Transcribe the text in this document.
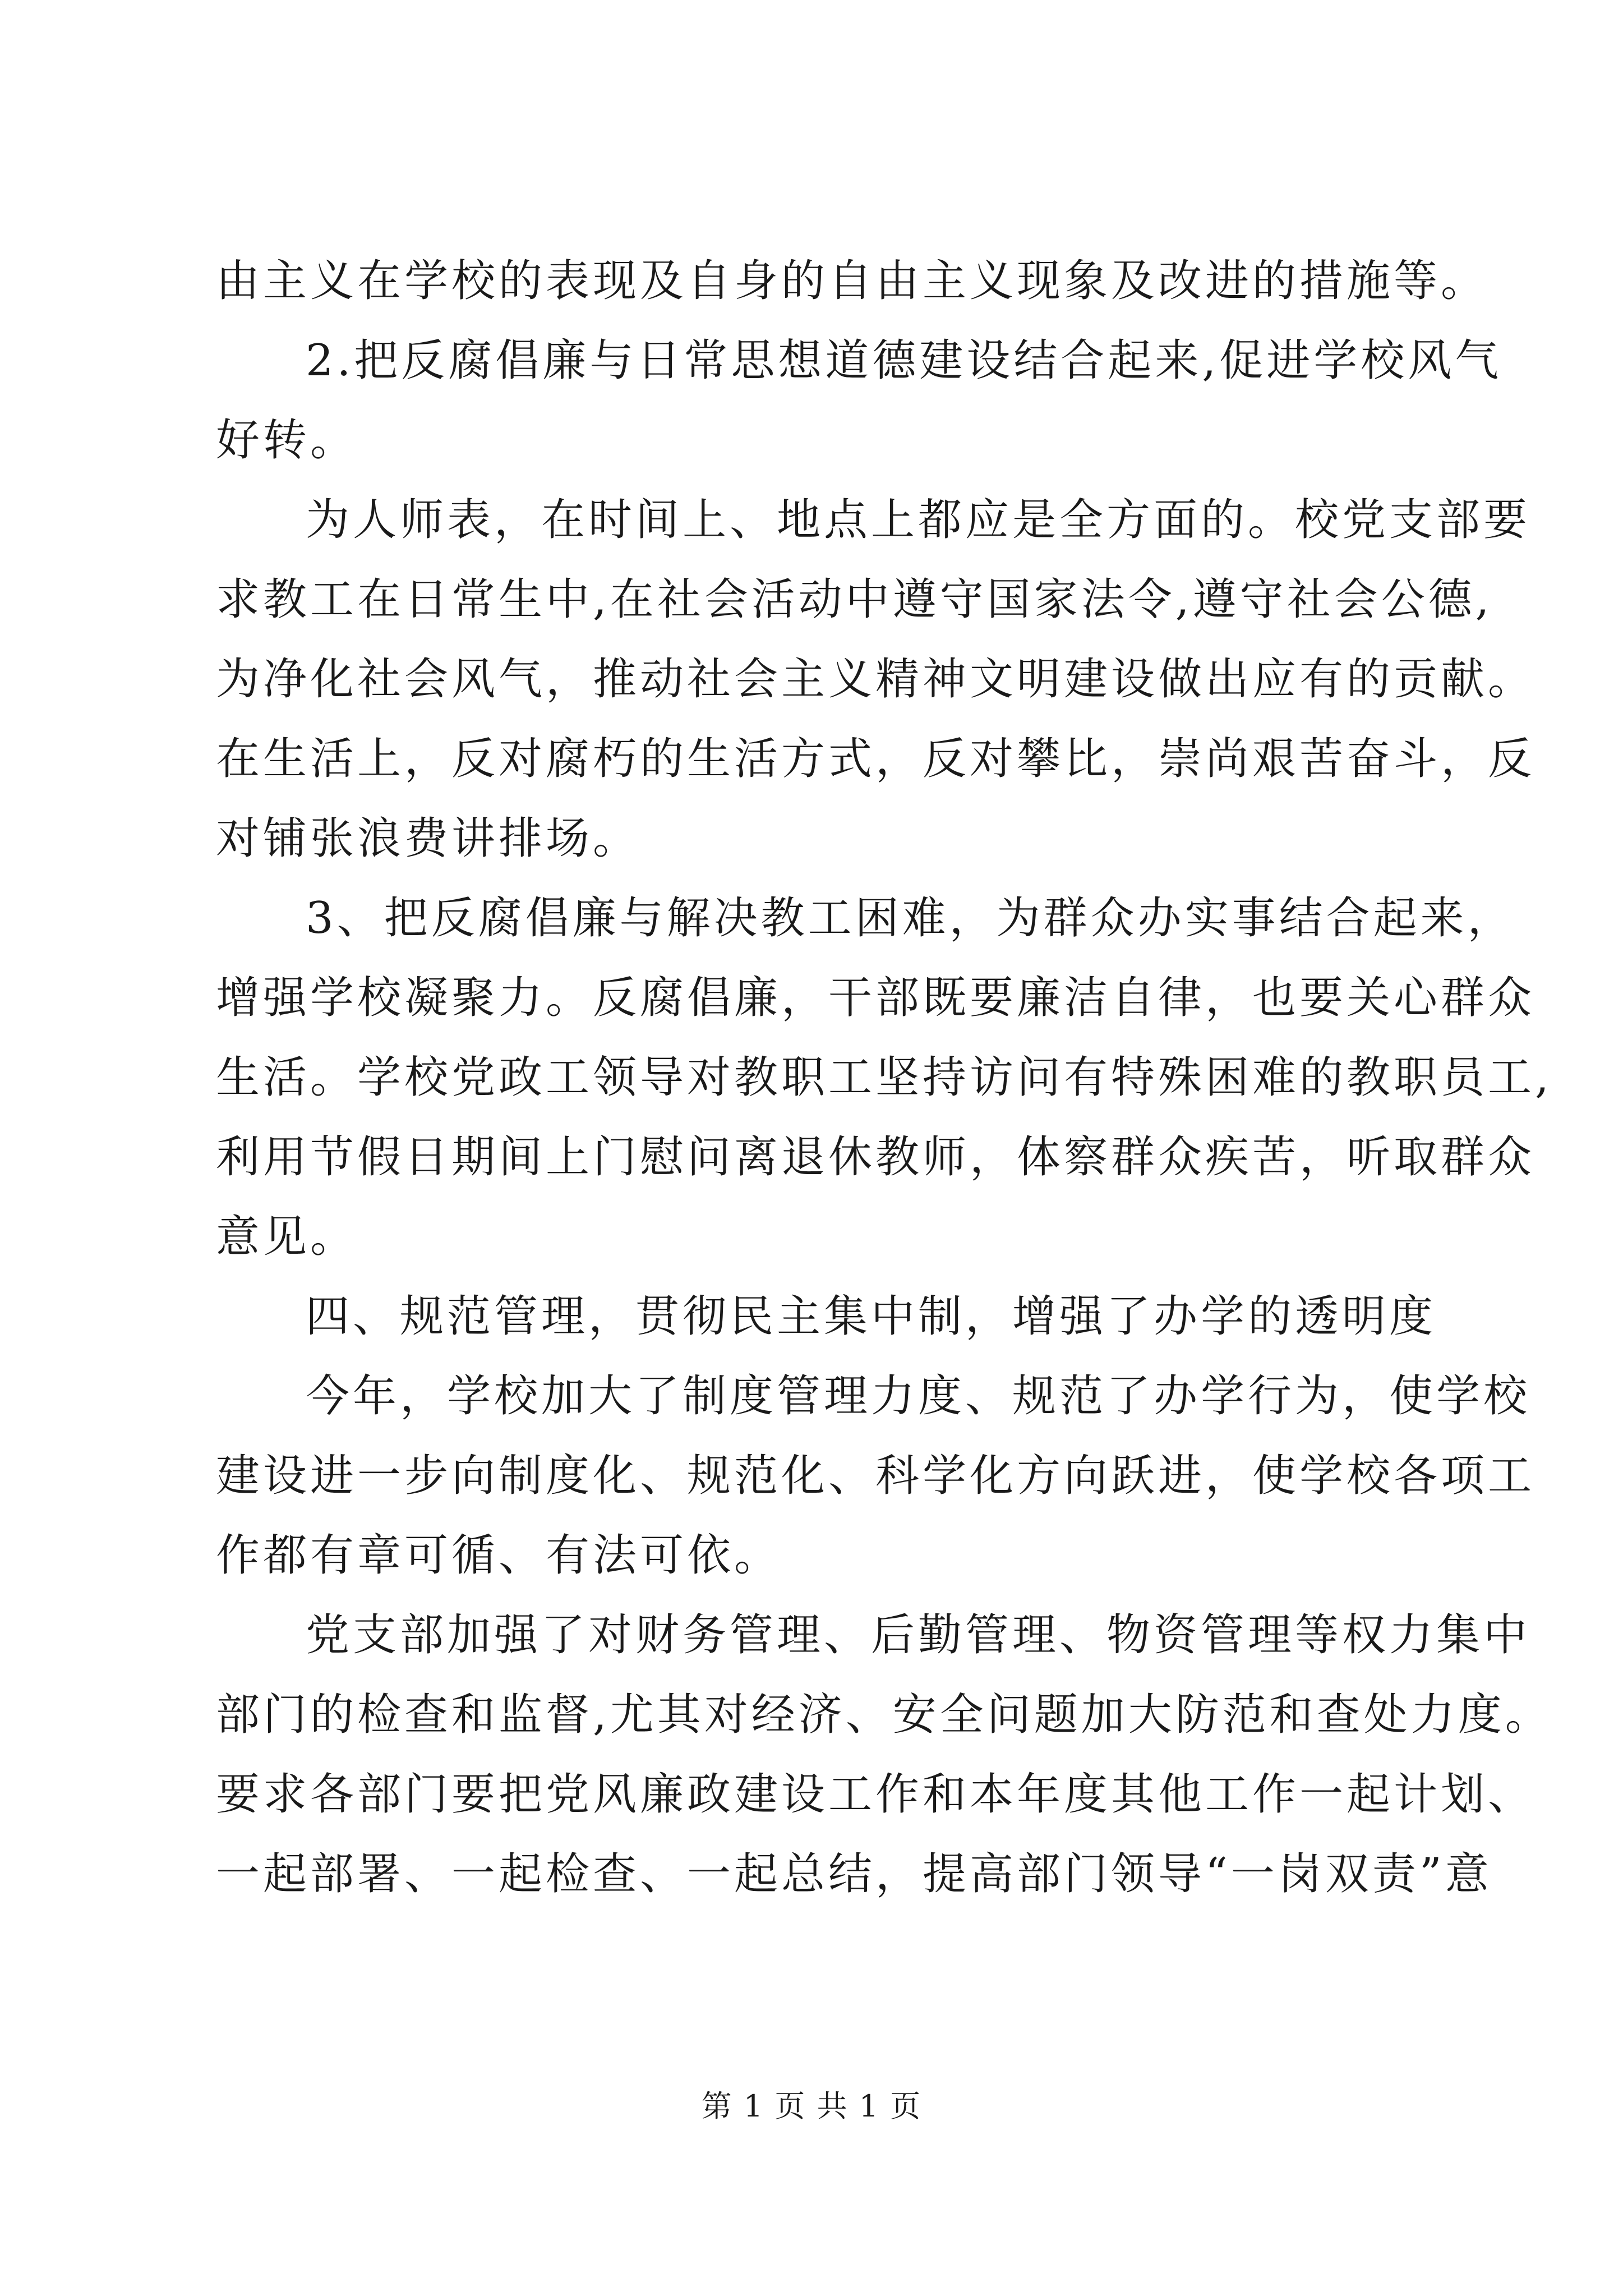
由主义在学校的表现及自身的自由主义现象及改进的措施等。
2.把反腐倡廉与日常思想道德建设结合起来,促进学校风气
好转。
为人师表，在时间上、地点上都应是全方面的。校党支部要
求教工在日常生中,在社会活动中遵守国家法令,遵守社会公德,
为净化社会风气，推动社会主义精神文明建设做出应有的贡献。
在生活上，反对腐朽的生活方式，反对攀比，崇尚艰苦奋斗，反
对铺张浪费讲排场。
3、把反腐倡廉与解决教工困难，为群众办实事结合起来，
增强学校凝聚力。反腐倡廉，干部既要廉洁自律，也要关心群众
生活。学校党政工领导对教职工坚持访问有特殊困难的教职员工,
利用节假日期间上门慰问离退休教师，体察群众疾苦，听取群众
意见。
四、规范管理，贯彻民主集中制，增强了办学的透明度
今年，学校加大了制度管理力度、规范了办学行为，使学校
建设进一步向制度化、规范化、科学化方向跃进，使学校各项工
作都有章可循、有法可依。
党支部加强了对财务管理、后勤管理、物资管理等权力集中
部门的检查和监督,尤其对经济、安全问题加大防范和查处力度。
要求各部门要把党风廉政建设工作和本年度其他工作一起计划、
一起部署、一起检查、一起总结，提高部门领导“一岗双责”意
第 1 页 共 1 页
